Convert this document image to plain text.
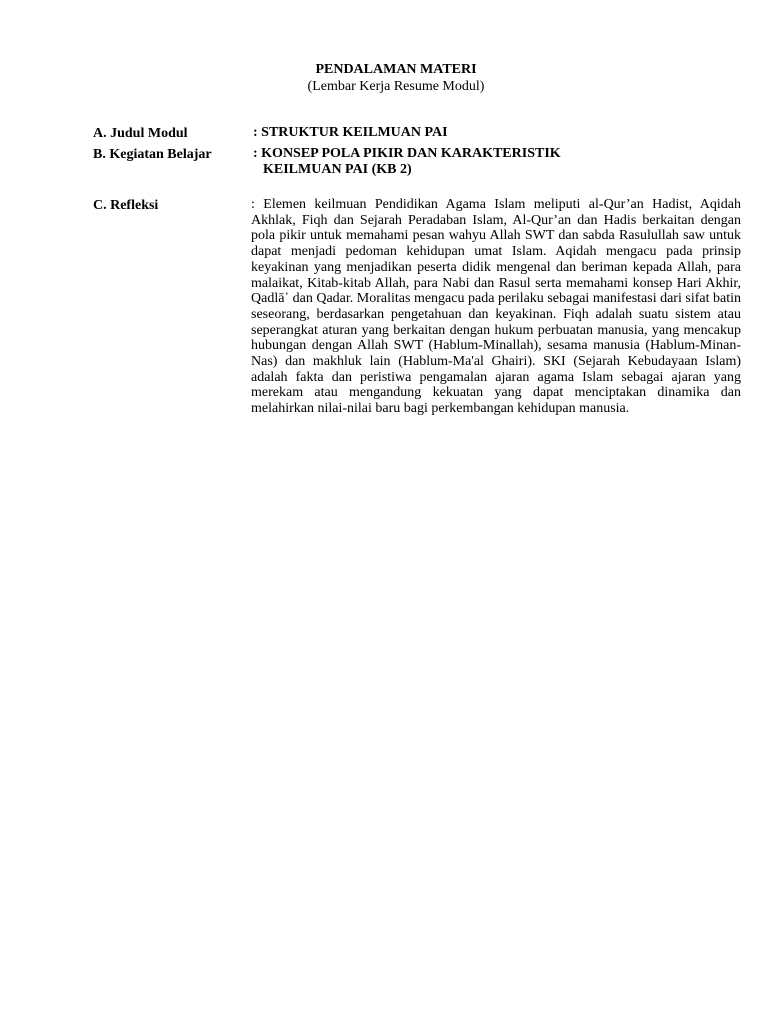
PENDALAMAN MATERI
(Lembar Kerja Resume Modul)
A. Judul Modul	: STRUKTUR KEILMUAN PAI
B. Kegiatan Belajar	: KONSEP POLA PIKIR DAN KARAKTERISTIK
KEILMUAN PAI (KB 2)
C. Refleksi	: Elemen keilmuan Pendidikan Agama Islam meliputi al-Qur’an Hadist, Aqidah Akhlak, Fiqh dan Sejarah Peradaban Islam, Al-Qur’an dan Hadis berkaitan dengan pola pikir untuk memahami pesan wahyu Allah SWT dan sabda Rasulullah saw untuk dapat menjadi pedoman kehidupan umat Islam. Aqidah mengacu pada prinsip keyakinan yang menjadikan peserta didik mengenal dan beriman kepada Allah, para malaikat, Kitab-kitab Allah, para Nabi dan Rasul serta memahami konsep Hari Akhir, Qadlā᾽ dan Qadar. Moralitas mengacu pada perilaku sebagai manifestasi dari sifat batin seseorang, berdasarkan pengetahuan dan keyakinan. Fiqh adalah suatu sistem atau seperangkat aturan yang berkaitan dengan hukum perbuatan manusia, yang mencakup hubungan dengan Allah SWT (Hablum-Minallah), sesama manusia (Hablum-Minan-Nas) dan makhluk lain (Hablum-Ma'al Ghairi). SKI (Sejarah Kebudayaan Islam) adalah fakta dan peristiwa pengamalan ajaran agama Islam sebagai ajaran yang merekam atau mengandung kekuatan yang dapat menciptakan dinamika dan melahirkan nilai-nilai baru bagi perkembangan kehidupan manusia.
